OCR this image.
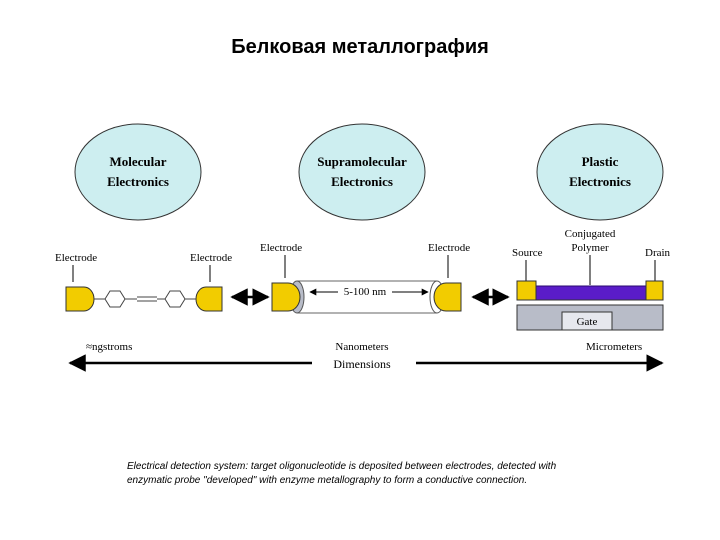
Белковая металлография
Molecular
Electronics
Supramolecular
Electronics
Plastic
Electronics
Electrode	Electrode
Electrode	Electrode
5-100 nm
Source
Conjugated
Polymer	Drain
Gate
≈ngstroms	Nanometers	Micrometers
Dimensions
Electrical detection system: target oligonucleotide is deposited between electrodes, detected with enzymatic probe "developed" with enzyme metallography to form a conductive connection.
